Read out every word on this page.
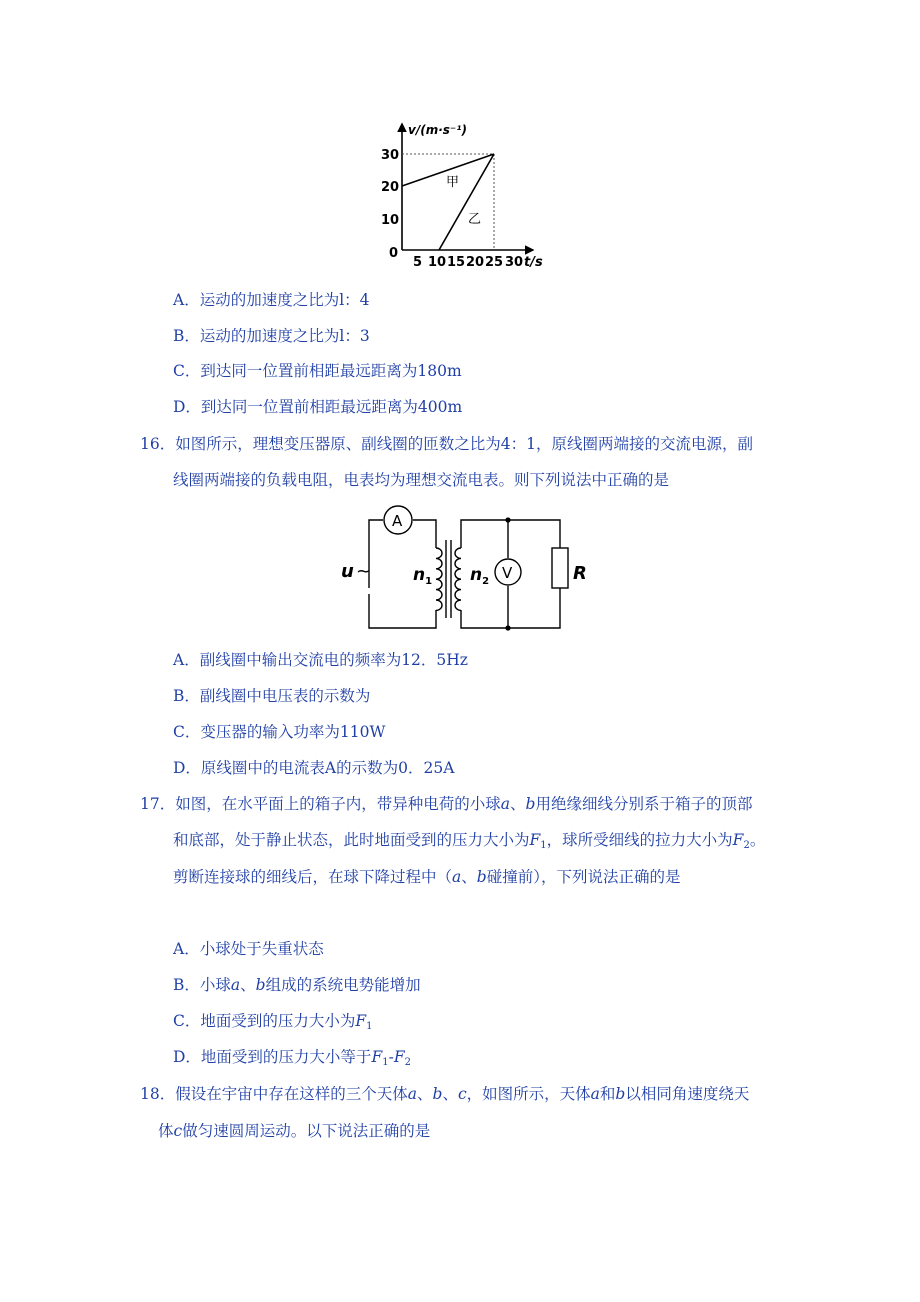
v/(m·s⁻¹)
30
20
10
0
5 10 15 20 25 30 t/s
甲
乙
A．运动的加速度之比为l：4
B．运动的加速度之比为l：3
C．到达同一位置前相距最远距离为180m
D．到达同一位置前相距最远距离为400m
16．如图所示，理想变压器原、副线圈的匝数之比为4：1，原线圈两端接的交流电源，副
线圈两端接的负载电阻，电表均为理想交流电表。则下列说法中正确的是
A
V
u ~ $n_1$ $n_2$	R
A．副线圈中输出交流电的频率为12．5Hz
B．副线圈中电压表的示数为
C．变压器的输入功率为110W
D．原线圈中的电流表A的示数为0．25A
17．如图，在水平面上的箱子内，带异种电荷的小球a、b用绝缘细线分别系于箱子的顶部
和底部，处于静止状态，此时地面受到的压力大小为$F_1$，球所受细线的拉力大小为$F_2$。
剪断连接球的细线后，在球下降过程中（a、b碰撞前），下列说法正确的是
A．小球处于失重状态
B．小球a、b组成的系统电势能增加
C．地面受到的压力大小为$F_1$
D．地面受到的压力大小等于$F_1-F_2$
18．假设在宇宙中存在这样的三个天体a、b、c，如图所示，天体a和b以相同角速度绕天
体c做匀速圆周运动。以下说法正确的是
